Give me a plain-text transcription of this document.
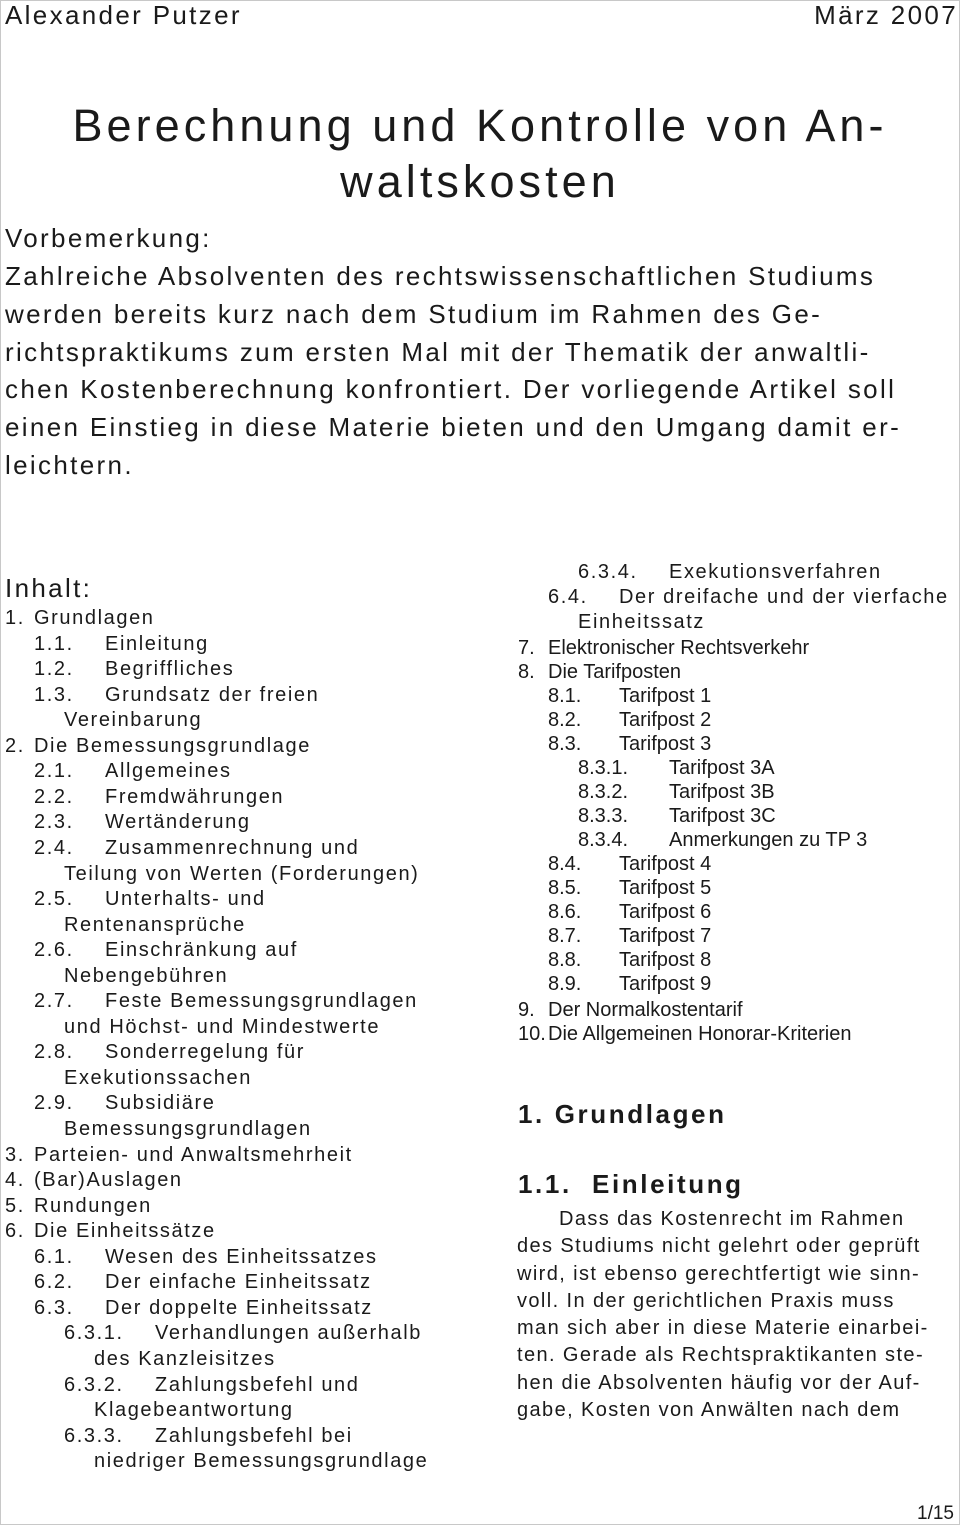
Alexander Putzer	März 2007
Berechnung und Kontrolle von An-
waltskosten
Vorbemerkung:
Zahlreiche Absolventen des rechtswissenschaftlichen Studiums
werden bereits kurz nach dem Studium im Rahmen des Ge-
richtspraktikums zum ersten Mal mit der Thematik der anwaltli-
chen Kostenberechnung konfrontiert. Der vorliegende Artikel soll
einen Einstieg in diese Materie bieten und den Umgang damit er-
leichtern.
Inhalt:
1. Grundlagen
1.1. Einleitung
1.2. Begriffliches
1.3. Grundsatz der freien
Vereinbarung
2. Die Bemessungsgrundlage
2.1. Allgemeines
2.2. Fremdwährungen
2.3. Wertänderung
2.4. Zusammenrechnung und
Teilung von Werten (Forderungen)
2.5. Unterhalts- und
Rentenansprüche
2.6. Einschränkung auf
Nebengebühren
2.7. Feste Bemessungsgrundlagen
und Höchst- und Mindestwerte
2.8. Sonderregelung für
Exekutionssachen
2.9. Subsidiäre
Bemessungsgrundlagen
3. Parteien- und Anwaltsmehrheit
4. (Bar)Auslagen
5. Rundungen
6. Die Einheitssätze
6.1. Wesen des Einheitssatzes
6.2. Der einfache Einheitssatz
6.3. Der doppelte Einheitssatz
6.3.1. Verhandlungen außerhalb
des Kanzleisitzes
6.3.2. Zahlungsbefehl und
Klagebeantwortung
6.3.3. Zahlungsbefehl bei
niedriger Bemessungsgrundlage
6.3.4. Exekutionsverfahren
6.4. Der dreifache und der vierfache
Einheitssatz
7. Elektronischer Rechtsverkehr
8. Die Tarifposten
8.1. Tarifpost 1
8.2. Tarifpost 2
8.3. Tarifpost 3
8.3.1. Tarifpost 3A
8.3.2. Tarifpost 3B
8.3.3. Tarifpost 3C
8.3.4. Anmerkungen zu TP 3
8.4. Tarifpost 4
8.5. Tarifpost 5
8.6. Tarifpost 6
8.7. Tarifpost 7
8.8. Tarifpost 8
8.9. Tarifpost 9
9. Der Normalkostentarif
10. Die Allgemeinen Honorar-Kriterien
1. Grundlagen
1.1. Einleitung
Dass das Kostenrecht im Rahmen
des Studiums nicht gelehrt oder geprüft
wird, ist ebenso gerechtfertigt wie sinn-
voll. In der gerichtlichen Praxis muss
man sich aber in diese Materie einarbei-
ten. Gerade als Rechtspraktikanten ste-
hen die Absolventen häufig vor der Auf-
gabe, Kosten von Anwälten nach dem
1/15
